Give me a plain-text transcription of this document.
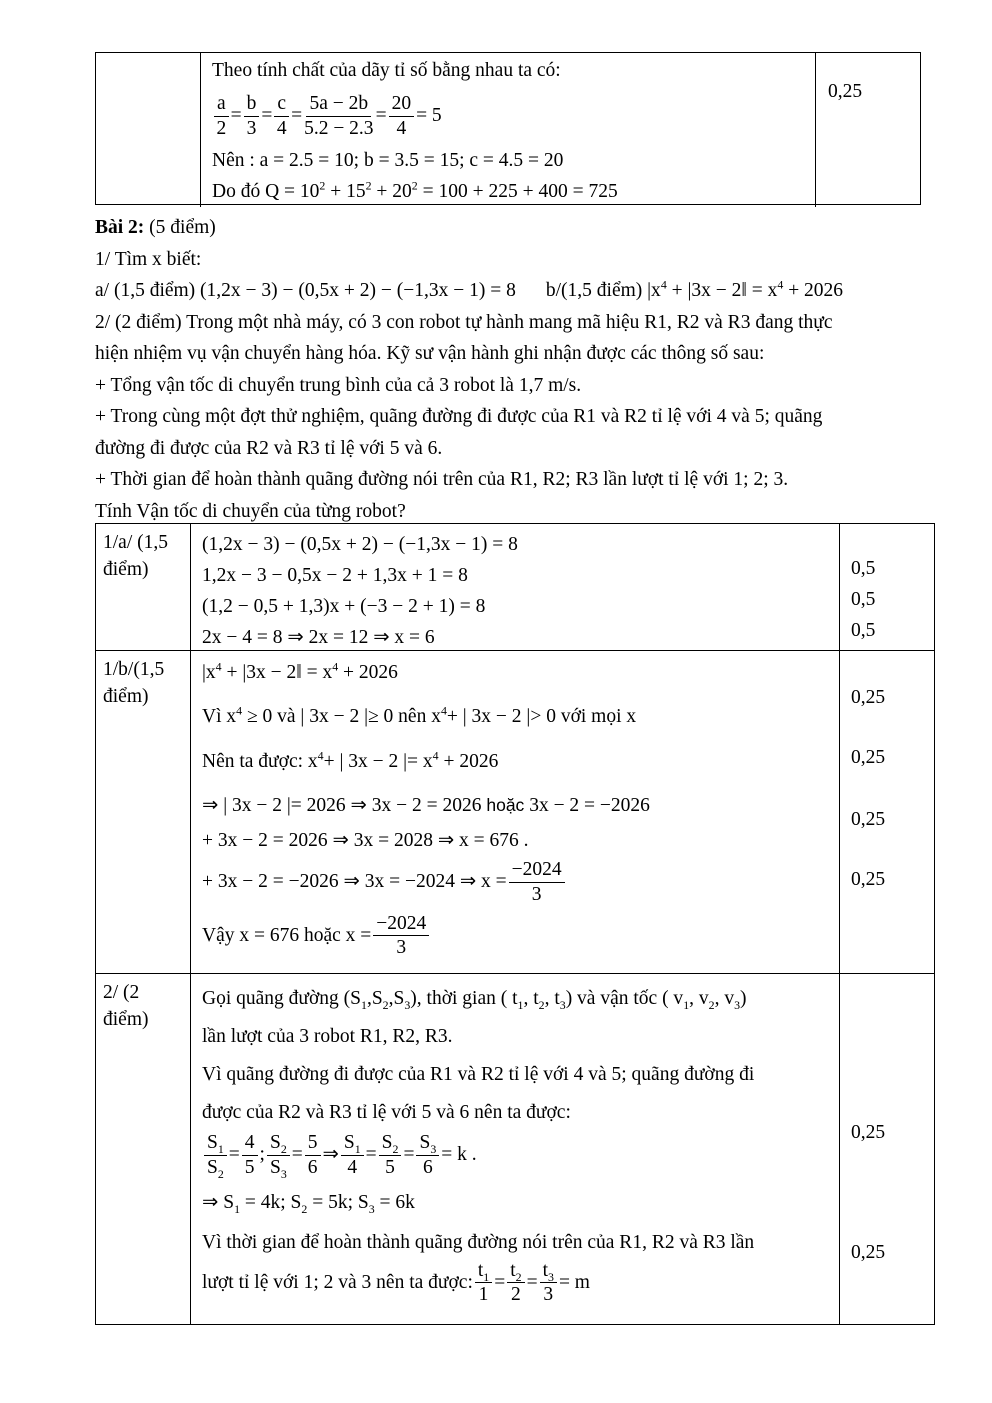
Theo tính chất của dãy tỉ số bằng nhau ta có:
$\frac{a}{2} = \frac{b}{3} = \frac{c}{4} = \frac{5a - 2b}{5.2 - 2.3} = \frac{20}{4} = 5$
Nên : a = 2.5 = 10; b = 3.5 = 15; c = 4.5 = 20
Do đó $Q = 10^2 + 15^2 + 20^2 = 100 + 225 + 400 = 725$
0,25
Bài 2: (5 điểm)
1/ Tìm x biết:
a/ (1,5 điểm) (1,2x − 3) − (0,5x + 2) − (−1,3x − 1) = 8 b/(1,5 điểm) $|x^4 + |3x$ − 2‖ = $x^4 + 2026$
2/ (2 điểm) Trong một nhà máy, có 3 con robot tự hành mang mã hiệu R1, R2 và R3 đang thực
hiện nhiệm vụ vận chuyển hàng hóa. Kỹ sư vận hành ghi nhận được các thông số sau:
+ Tổng vận tốc di chuyển trung bình của cả 3 robot là 1,7 m/s.
+ Trong cùng một đợt thử nghiệm, quãng đường đi được của R1 và R2 tỉ lệ với 4 và 5; quãng
đường đi được của R2 và R3 tỉ lệ với 5 và 6.
+ Thời gian để hoàn thành quãng đường nói trên của R1, R2; R3 lần lượt tỉ lệ với 1; 2; 3.
Tính Vận tốc di chuyển của từng robot?
1/a/ (1,5
điểm)
(1,2x − 3) − (0,5x + 2) − (−1,3x − 1) = 8
1,2x − 3 − 0,5x − 2 + 1,3x + 1 = 8
(1,2 − 0,5 + 1,3)x + (−3 − 2 + 1) = 8
2x − 4 = 8 ⇒ 2x = 12 ⇒ x = 6
0,5
0,5
0,5
1/b/(1,5
điểm)
$|x^4 + |3x$ − 2‖ = $x^4 + 2026$
Vì $x^4 \ge 0$ và | 3x − 2 |≥ 0 nên $x^4+$ | 3x − 2 |> 0 với mọi x
Nên ta được: $x^4+$ | 3x − 2 |= $x^4 + 2026$
⇒ | 3x − 2 |= 2026 ⇒ 3x − 2 = 2026 hoặc 3x − 2 = −2026
+ 3x − 2 = 2026 ⇒ 3x = 2028 ⇒ x = 676 .
+ 3x − 2 = −2026 ⇒ 3x = −2024 ⇒ $x = \frac{-2024}{3}$
Vậy x = 676 hoặc $x = \frac{-2024}{3}$
0,25
0,25
0,25
0,25
2/ (2
điểm)
Gọi quãng đường $(S_1,S_2,S_3)$, thời gian ( $t_1$, $t_2$, $t_3$) và vận tốc ( $v_1$, $v_2$, $v_3$)
lần lượt của 3 robot R1, R2, R3.
Vì quãng đường đi được của R1 và R2 tỉ lệ với 4 và 5; quãng đường đi
được của R2 và R3 tỉ lệ với 5 và 6 nên ta được:
$\frac{S_1}{S_2} = \frac{4}{5}$ ; $\frac{S_2}{S_3} = \frac{5}{6}$ ⇒ $\frac{S_1}{4} = \frac{S_2}{5} = \frac{S_3}{6} = k$ .
⇒ $S_1 = 4k$; $S_2 = 5k$; $S_3 = 6k$
Vì thời gian để hoàn thành quãng đường nói trên của R1, R2 và R3 lần
lượt tỉ lệ với 1; 2 và 3 nên ta được: $\frac{t_1}{1} = \frac{t_2}{2} = \frac{t_3}{3} = m$
0,25
0,25
